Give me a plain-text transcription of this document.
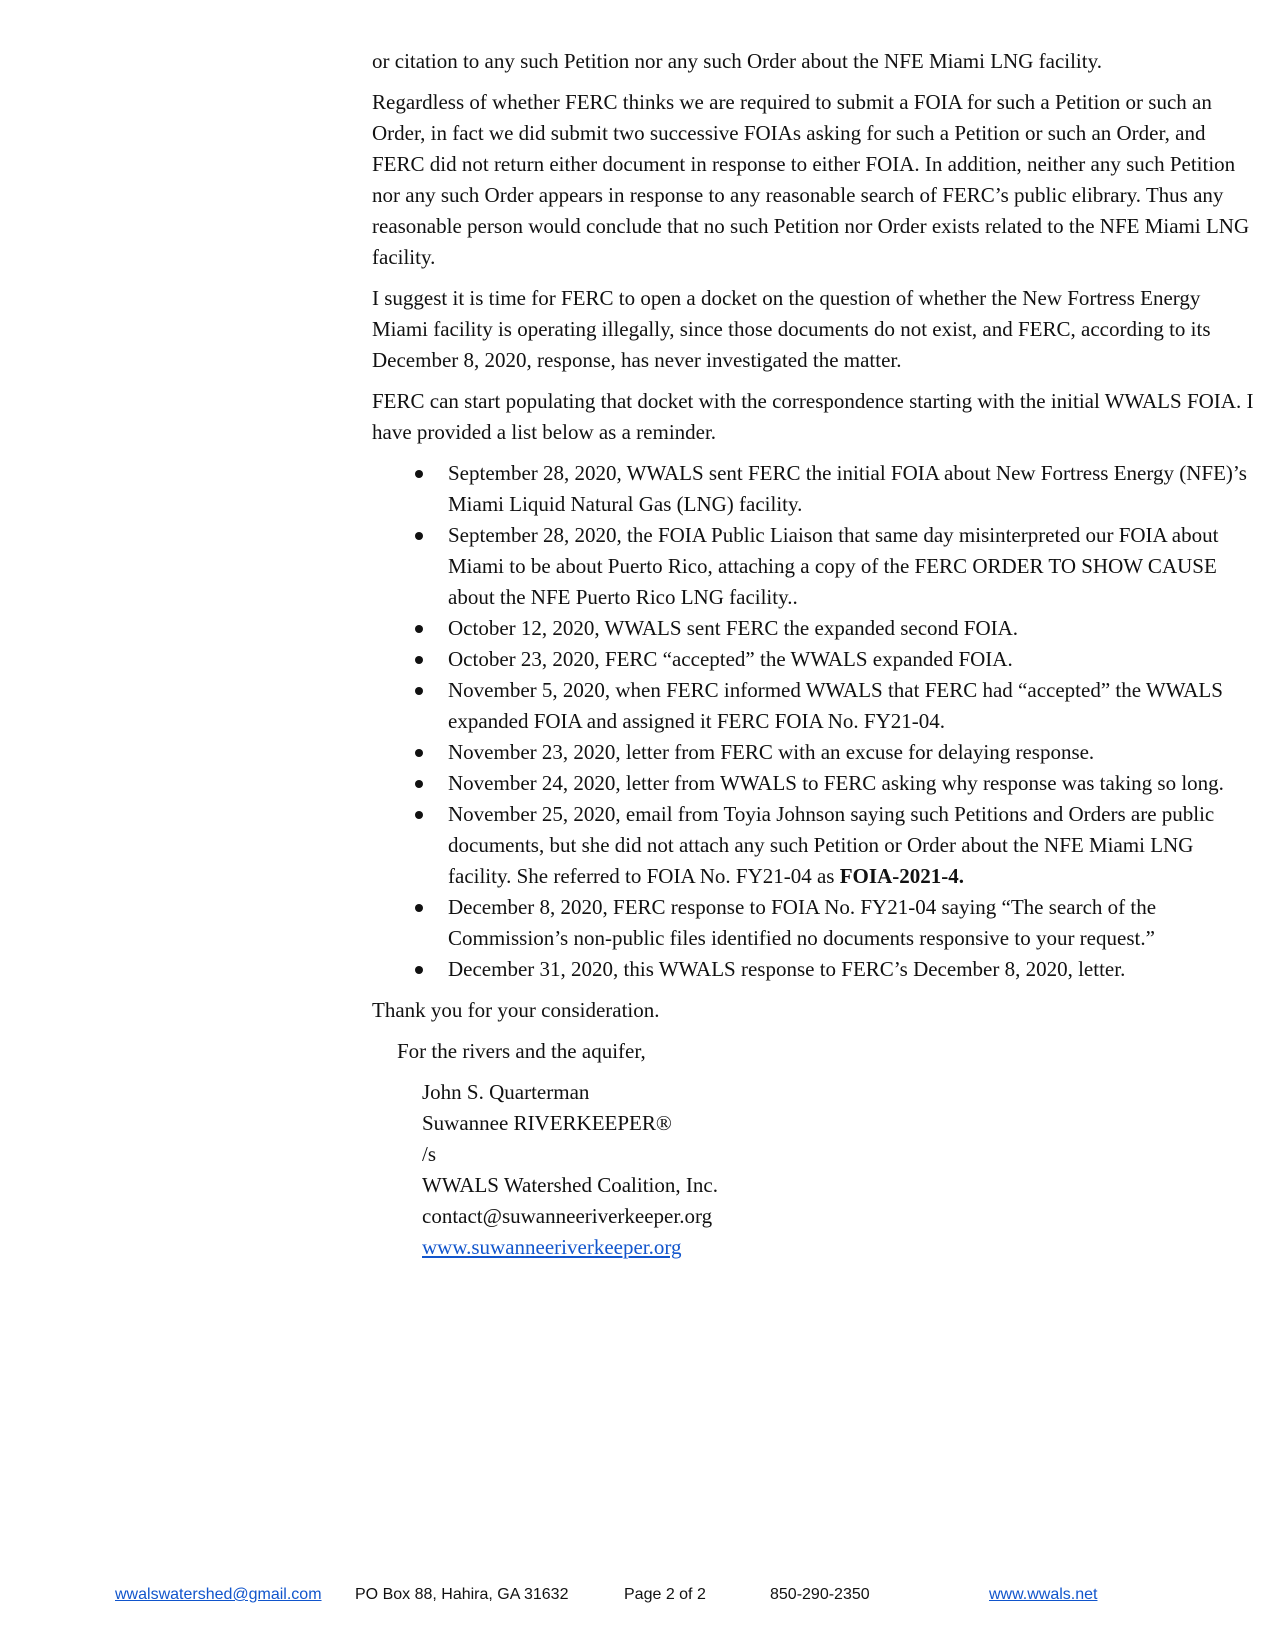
or citation to any such Petition nor any such Order about the NFE Miami LNG facility.

Regardless of whether FERC thinks we are required to submit a FOIA for such a Petition or such an Order, in fact we did submit two successive FOIAs asking for such a Petition or such an Order, and FERC did not return either document in response to either FOIA. In addition, neither any such Petition nor any such Order appears in response to any reasonable search of FERC’s public elibrary. Thus any reasonable person would conclude that no such Petition nor Order exists related to the NFE Miami LNG facility.

I suggest it is time for FERC to open a docket on the question of whether the New Fortress Energy Miami facility is operating illegally, since those documents do not exist, and FERC, according to its December 8, 2020, response, has never investigated the matter.

FERC can start populating that docket with the correspondence starting with the initial WWALS FOIA. I have provided a list below as a reminder.

September 28, 2020, WWALS sent FERC the initial FOIA about New Fortress Energy (NFE)’s Miami Liquid Natural Gas (LNG) facility.
September 28, 2020, the FOIA Public Liaison that same day misinterpreted our FOIA about Miami to be about Puerto Rico, attaching a copy of the FERC ORDER TO SHOW CAUSE about the NFE Puerto Rico LNG facility..
October 12, 2020, WWALS sent FERC the expanded second FOIA.
October 23, 2020, FERC “accepted” the WWALS expanded FOIA.
November 5, 2020, when FERC informed WWALS that FERC had “accepted” the WWALS expanded FOIA and assigned it FERC FOIA No. FY21-04.
November 23, 2020, letter from FERC with an excuse for delaying response.
November 24, 2020, letter from WWALS to FERC asking why response was taking so long.
November 25, 2020, email from Toyia Johnson saying such Petitions and Orders are public documents, but she did not attach any such Petition or Order about the NFE Miami LNG facility. She referred to FOIA No. FY21-04 as FOIA-2021-4.
December 8, 2020, FERC response to FOIA No. FY21-04 saying “The search of the Commission’s non-public files identified no documents responsive to your request.”
December 31, 2020, this WWALS response to FERC’s December 8, 2020, letter.

Thank you for your consideration.

For the rivers and the aquifer,

John S. Quarterman
Suwannee RIVERKEEPER®
/s
WWALS Watershed Coalition, Inc.
contact@suwanneeriverkeeper.org
www.suwanneeriverkeeper.org
wwalswatershed@gmail.com PO Box 88, Hahira, GA 31632	Page 2 of 2	850-290-2350	www.wwals.net
